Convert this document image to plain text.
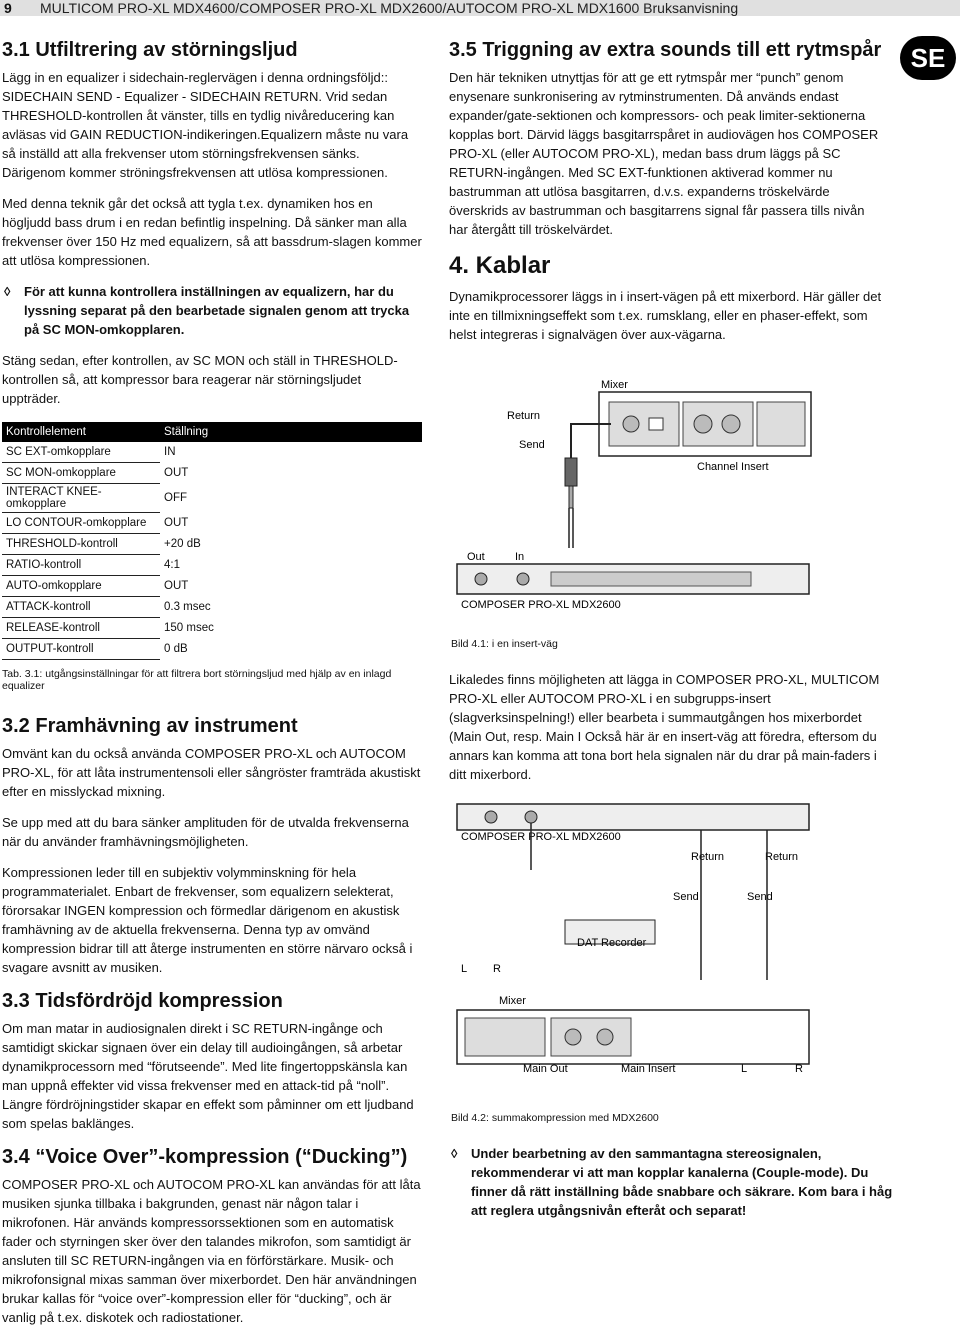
9 MULTICOM PRO-XL MDX4600/COMPOSER PRO-XL MDX2600/AUTOCOM PRO-XL MDX1600 Bruksanvisning
SE
3.1 Utfiltrering av störningsljud

Lägg in en equalizer i sidechain-reglervägen i denna ordningsföljd:: SIDECHAIN SEND - Equalizer - SIDECHAIN RETURN. Vrid sedan THRESHOLD-kontrollen åt vänster, tills en tydlig nivåreducering kan avläsas vid GAIN REDUCTION-indikeringen.Equalizern måste nu vara så inställd att alla frekvenser utom störningsfrekvensen sänks. Därigenom kommer ströningsfrekvensen att utlösa kompressionen.

Med denna teknik går det också att tygla t.ex. dynamiken hos en högljudd bass drum i en redan befintlig inspelning. Då sänker man alla frekvenser över 150 Hz med equalizern, så att bassdrum-slagen kommer att utlösa kompressionen.

◊ För att kunna kontrollera inställningen av equalizern, har du lyssning separat på den bearbetade signalen genom att trycka på SC MON-omkopplaren.

Stäng sedan, efter kontrollen, av SC MON och ställ in THRESHOLD-kontrollen så, att kompressor bara reagerar när störningsljudet uppträder.

Kontrollelement	Ställning
SC EXT-omkopplare	IN
SC MON-omkopplare	OUT
INTERACT KNEE-omkopplare	OFF
LO CONTOUR-omkopplare	OUT
THRESHOLD-kontroll	+20 dB
RATIO-kontroll	4:1
AUTO-omkopplare	OUT
ATTACK-kontroll	0.3 msec
RELEASE-kontroll	150 msec
OUTPUT-kontroll	0 dB
Tab. 3.1: utgångsinställningar för att filtrera bort störningsljud med hjälp av en inlagd equalizer
3.2 Framhävning av instrument

Omvänt kan du också använda COMPOSER PRO-XL och AUTOCOM PRO-XL, för att låta instrumentensoli eller sångröster framträda akustiskt efter en misslyckad mixning.

Se upp med att du bara sänker amplituden för de utvalda frekvenserna när du använder framhävningsmöjligheten.

Kompressionen leder till en subjektiv volymminskning för hela programmaterialet. Enbart de frekvenser, som equalizern selekterat, förorsakar INGEN kompression och förmedlar därigenom en akustisk framhävning av de aktuella frekvenserna. Denna typ av omvänd kompression bidrar till att återge instrumenten en större närvaro också i svagare avsnitt av musiken.

3.3 Tidsfördröjd kompression

Om man matar in audiosignalen direkt i SC RETURN-ingånge och samtidigt skickar signaen över ein delay till audioingången, så arbetar dynamikprocessorn med “förutseende”. Med lite fingertoppskänsla kan man uppnå effekter vid vissa frekvenser med en attack-tid på “noll”. Längre fördröjningstider skapar en effekt som påminner om ett ljudband som spelas baklänges.

3.4 “Voice Over”-kompression (“Ducking”)

COMPOSER PRO-XL och AUTOCOM PRO-XL kan användas för att låta musiken sjunka tillbaka i bakgrunden, genast när någon talar i mikrofonen. Här används kompressorssektionen som en automatisk fader och styrningen sker över den talandes mikrofon, som samtidigt är ansluten till SC RETURN-ingången via en förförstärkare. Musik- och mikrofonsignal mixas samman över mixerbordet. Den här användningen brukar kallas för “voice over”-kompression eller för “ducking”, och är vanlig på t.ex. diskotek och radiostationer.

3.5 Triggning av extra sounds till ett rytmspår

Den här tekniken utnyttjas för att ge ett rytmspår mer “punch” genom enysenare sunkronisering av rytminstrumenten. Då används endast expander/gate-sektionen och kompressors- och peak limiter-sektionerna kopplas bort. Därvid läggs basgitarrspåret in audiovägen hos COMPOSER PRO-XL (eller AUTOCOM PRO-XL), medan bass drum läggs på SC RETURN-ingången. Med SC EXT-funktionen aktiverad kommer nu bastrumman att utlösa basgitarren, d.v.s. expanderns tröskelvärde överskrids av bastrumman och basgitarrens signal får passera tills nivån har återgått till tröskelvärdet.

4. Kablar

Dynamikprocessorer läggs in i insert-vägen på ett mixerbord. Här gäller det inte en tillmixningseffekt som t.ex. rumsklang, eller en phaser-effekt, som helst integreras i signalvägen över aux-vägarna.

Mixer
Return
Send
Channel Insert
Out	In
COMPOSER PRO-XL MDX2600
Bild 4.1: i en insert-väg

Likaledes finns möjligheten att lägga in COMPOSER PRO-XL, MULTICOM PRO-XL eller AUTOCOM PRO-XL i en subgrupps-insert (slagverksinspelning!) eller bearbeta i summautgången hos mixerbordet (Main Out, resp. Main I Också här är en insert-väg att föredra, eftersom du annars kan komma att tona bort hela signalen när du drar på main-faders i ditt mixerbord.

COMPOSER PRO-XL MDX2600
Return	Return
Send	Send
DAT Recorder
L R
Mixer
Main Out	Main Insert	L	R
Bild 4.2: summakompression med MDX2600
◊ Under bearbetning av den sammantagna stereosignalen, rekommenderar vi att man kopplar kanalerna (Couple-mode). Du finner då rätt inställning både snabbare och säkrare. Kom bara i håg att reglera utgångsnivån efteråt och separat!
